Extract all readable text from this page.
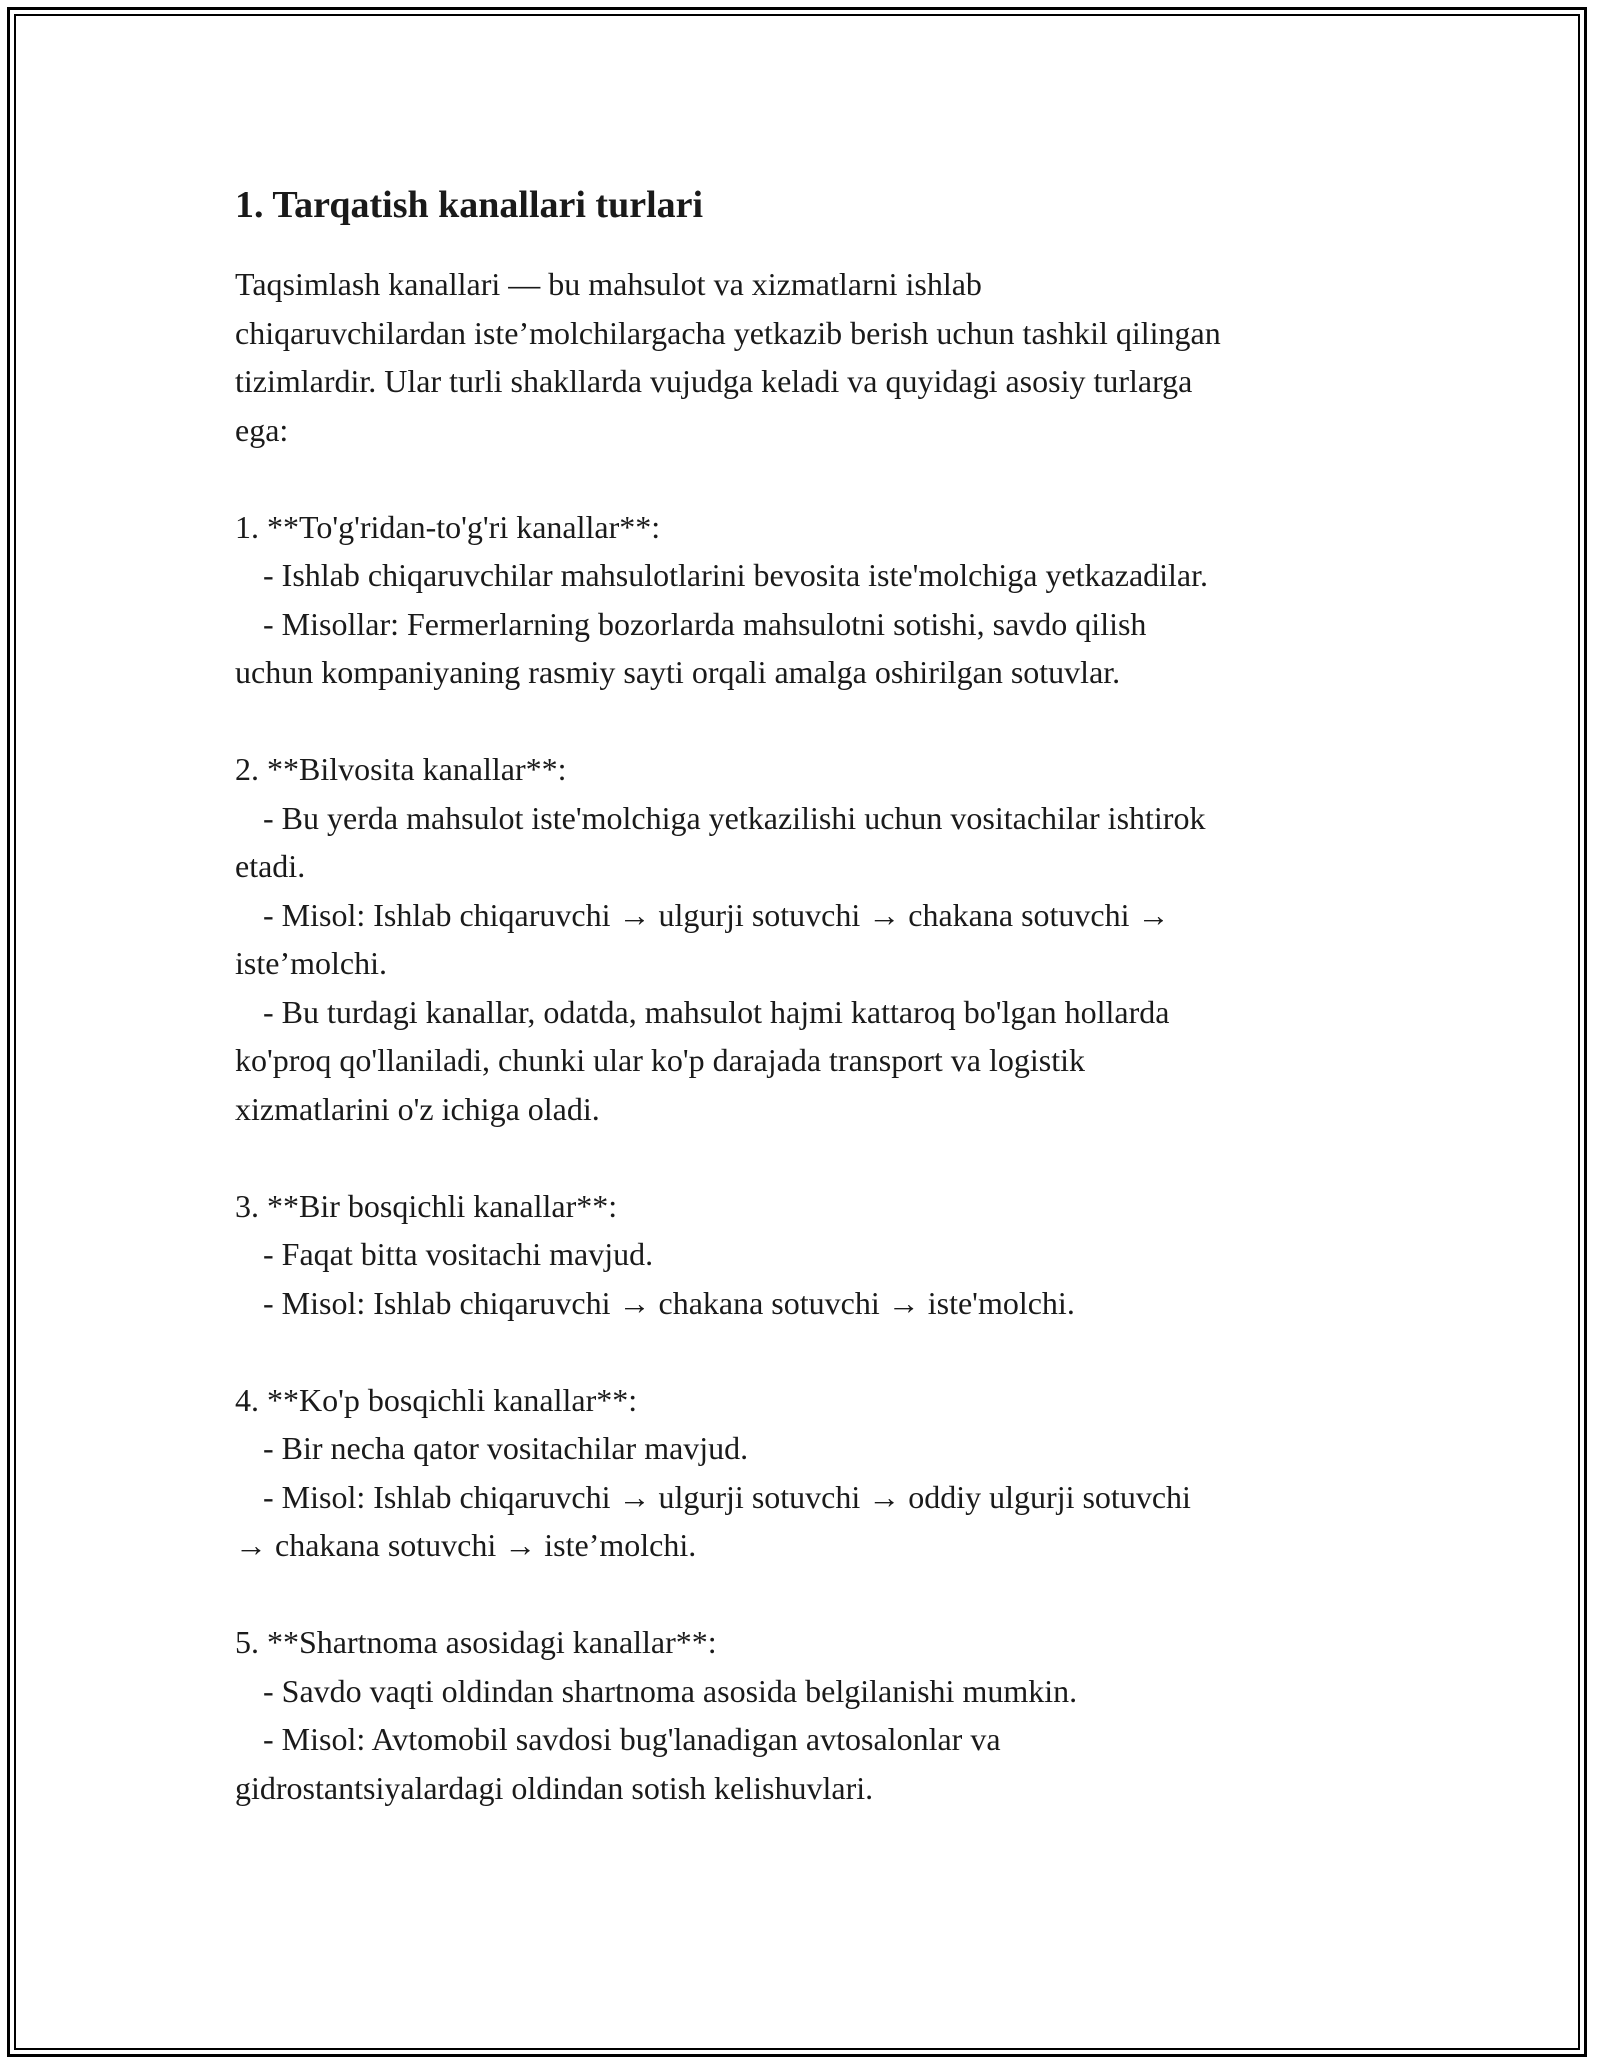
1. Tarqatish kanallari turlari

Taqsimlash kanallari — bu mahsulot va xizmatlarni ishlab
chiqaruvchilardan iste’molchilargacha yetkazib berish uchun tashkil qilingan
tizimlardir. Ular turli shakllarda vujudga keladi va quyidagi asosiy turlarga
ega:

1. **To'g'ridan-to'g'ri kanallar**:
- Ishlab chiqaruvchilar mahsulotlarini bevosita iste'molchiga yetkazadilar.
- Misollar: Fermerlarning bozorlarda mahsulotni sotishi, savdo qilish
uchun kompaniyaning rasmiy sayti orqali amalga oshirilgan sotuvlar.
2. **Bilvosita kanallar**:
- Bu yerda mahsulot iste'molchiga yetkazilishi uchun vositachilar ishtirok
etadi.
- Misol: Ishlab chiqaruvchi → ulgurji sotuvchi → chakana sotuvchi →
iste’molchi.
- Bu turdagi kanallar, odatda, mahsulot hajmi kattaroq bo'lgan hollarda
ko'proq qo'llaniladi, chunki ular ko'p darajada transport va logistik
xizmatlarini o'z ichiga oladi.
3. **Bir bosqichli kanallar**:
- Faqat bitta vositachi mavjud.
- Misol: Ishlab chiqaruvchi → chakana sotuvchi → iste'molchi.
4. **Ko'p bosqichli kanallar**:
- Bir necha qator vositachilar mavjud.
- Misol: Ishlab chiqaruvchi → ulgurji sotuvchi → oddiy ulgurji sotuvchi
→ chakana sotuvchi → iste’molchi.
5. **Shartnoma asosidagi kanallar**:
- Savdo vaqti oldindan shartnoma asosida belgilanishi mumkin.
- Misol: Avtomobil savdosi bug'lanadigan avtosalonlar va
gidrostantsiyalardagi oldindan sotish kelishuvlari.
